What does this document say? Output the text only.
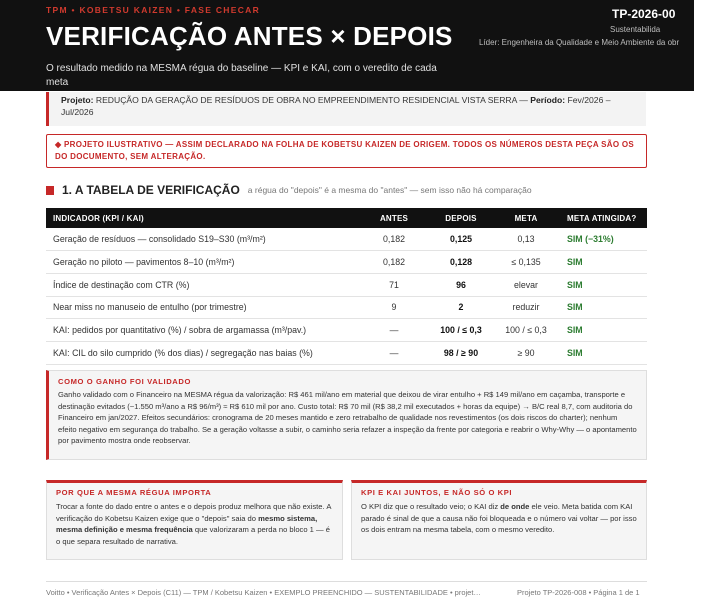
TPM • KOBETSU KAIZEN • FASE CHECAR
VERIFICAÇÃO ANTES × DEPOIS
O resultado medido na MESMA régua do baseline — KPI e KAI, com o veredito de cada meta
TP-2026-00
Sustentabilida
Líder: Engenheira da Qualidade e Meio Ambiente da obr
Projeto: REDUÇÃO DA GERAÇÃO DE RESÍDUOS DE OBRA NO EMPREENDIMENTO RESIDENCIAL VISTA SERRA — Período: Fev/2026 – Jul/2026
◆ PROJETO ILUSTRATIVO — ASSIM DECLARADO NA FOLHA DE KOBETSU KAIZEN DE ORIGEM. TODOS OS NÚMEROS DESTA PEÇA SÃO OS DO DOCUMENTO, SEM ALTERAÇÃO.
1. A TABELA DE VERIFICAÇÃO a régua do "depois" é a mesma do "antes" — sem isso não há comparação
INDICADOR (KPI / KAI)	ANTES	DEPOIS	META	META ATINGIDA?
Geração de resíduos — consolidado S19–S30 (m³/m²)	0,182	0,125	0,13	SIM (−31%)
Geração no piloto — pavimentos 8–10 (m³/m²)	0,182	0,128	≤ 0,135	SIM
Índice de destinação com CTR (%)	71	96	elevar	SIM
Near miss no manuseio de entulho (por trimestre)	9	2	reduzir	SIM
KAI: pedidos por quantitativo (%) / sobra de argamassa (m³/pav.)	—	100 / ≤ 0,3	100 / ≤ 0,3	SIM
KAI: CIL do silo cumprido (% dos dias) / segregação nas baias (%)	—	98 / ≥ 90	≥ 90	SIM
COMO O GANHO FOI VALIDADO
Ganho validado com o Financeiro na MESMA régua da valorização: R$ 461 mil/ano em material que deixou de virar entulho + R$ 149 mil/ano em caçamba, transporte e destinação evitados (~1.550 m³/ano a R$ 96/m³) ≈ R$ 610 mil por ano. Custo total: R$ 70 mil (R$ 38,2 mil executados + horas da equipe) → B/C real 8,7, com auditoria do Financeiro em jan/2027. Efeitos secundários: cronograma de 20 meses mantido e zero retrabalho de qualidade nos revestimentos (os dois riscos do charter); nenhum efeito negativo em segurança do trabalho. Se a geração voltasse a subir, o caminho seria refazer a inspeção da frente por categoria e reabrir o Why-Why — o apontamento por pavimento mostra onde reobservar.
POR QUE A MESMA RÉGUA IMPORTA
Trocar a fonte do dado entre o antes e o depois produz melhora que não existe. A verificação do Kobetsu Kaizen exige que o "depois" saia do mesmo sistema, mesma definição e mesma frequência que valorizaram a perda no bloco 1 — é o que separa resultado de narrativa.
KPI E KAI JUNTOS, E NÃO SÓ O KPI
O KPI diz que o resultado veio; o KAI diz de onde ele veio. Meta batida com KAI parado é sinal de que a causa não foi bloqueada e o número vai voltar — por isso os dois entram na mesma tabela, com o mesmo veredito.
Voitto • Verificação Antes × Depois (C11) — TPM / Kobetsu Kaizen • EXEMPLO PREENCHIDO — SUSTENTABILIDADE • projet…	Projeto TP-2026-008 • Página 1 de 1
